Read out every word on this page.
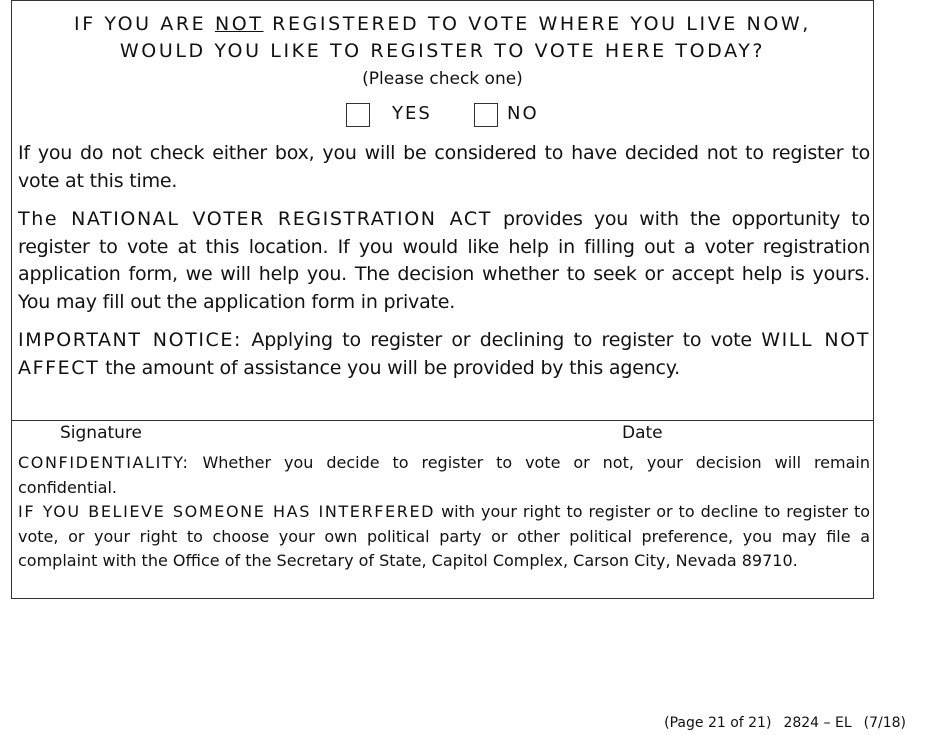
IF YOU ARE NOT REGISTERED TO VOTE WHERE YOU LIVE NOW,
WOULD YOU LIKE TO REGISTER TO VOTE HERE TODAY?
(Please check one)
YES	NO
If you do not check either box, you will be considered to have decided not to register to vote at this time.
The NATIONAL VOTER REGISTRATION ACT provides you with the opportunity to register to vote at this location. If you would like help in filling out a voter registration application form, we will help you. The decision whether to seek or accept help is yours. You may fill out the application form in private.
IMPORTANT NOTICE: Applying to register or declining to register to vote WILL NOT AFFECT the amount of assistance you will be provided by this agency.
Signature	Date
CONFIDENTIALITY: Whether you decide to register to vote or not, your decision will remain confidential.
IF YOU BELIEVE SOMEONE HAS INTERFERED with your right to register or to decline to register to vote, or your right to choose your own political party or other political preference, you may file a complaint with the Office of the Secretary of State, Capitol Complex, Carson City, Nevada 89710.
(Page 21 of 21) 2824 – EL (7/18)
